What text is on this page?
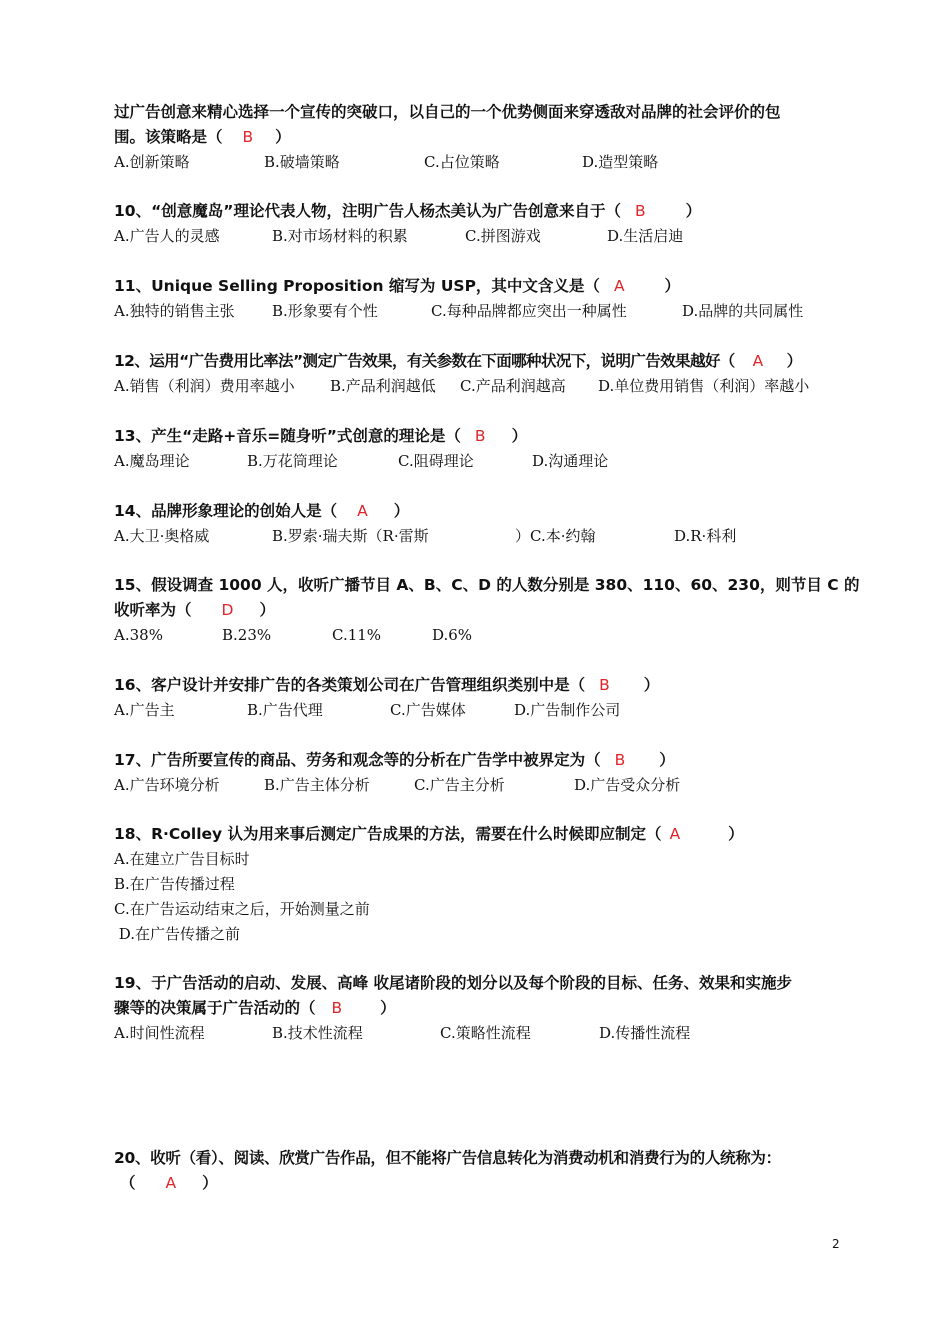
过广告创意来精心选择一个宣传的突破口，以自己的一个优势侧面来穿透敌对品牌的社会评价的包
围。该策略是（ B ）
A.创新策略	B.破墙策略	C.占位策略	D.造型策略
10、“创意魔岛”理论代表人物，注明广告人杨杰美认为广告创意来自于（ B	）
A.广告人的灵感	B.对市场材料的积累	C.拼图游戏	D.生活启迪
11、Unique Selling Proposition 缩写为 USP，其中文含义是（ A	）
A.独特的销售主张 B.形象要有个性	C.每种品牌都应突出一种属性	D.品牌的共同属性
12、运用“广告费用比率法”测定广告效果，有关参数在下面哪种状况下，说明广告效果越好（ A ）
A.销售（利润）费用率越小 B.产品利润越低 C.产品利润越高 D.单位费用销售（利润）率越小
13、产生“走路+音乐=随身听”式创意的理论是（ B ）
A.魔岛理论	B.万花筒理论	C.阻碍理论	D.沟通理论
14、品牌形象理论的创始人是（ A ）
A.大卫·奥格威	B.罗索·瑞夫斯（R·雷斯	）C.本·约翰	D.R·科利
15、假设调查 1000 人，收听广播节目 A、B、C、D 的人数分别是 380、110、60、230，则节目 C 的
收听率为（ D ）
A.38%	B.23%	C.11%	D.6%
16、客户设计并安排广告的各类策划公司在广告管理组织类别中是（ B ）
A.广告主	B.广告代理	C.广告媒体	D.广告制作公司
17、广告所要宣传的商品、劳务和观念等的分析在广告学中被界定为（ B ）
A.广告环境分析	B.广告主体分析	C.广告主分析	D.广告受众分析
18、R·Colley 认为用来事后测定广告成果的方法，需要在什么时候即应制定（ A	）
A.在建立广告目标时
B.在广告传播过程
C.在广告运动结束之后，开始测量之前
D.在广告传播之前
19、于广告活动的启动、发展、高峰 收尾诸阶段的划分以及每个阶段的目标、任务、效果和实施步
骤等的决策属于广告活动的（ B ）
A.时间性流程	B.技术性流程	C.策略性流程	D.传播性流程
20、收听（看）、阅读、欣赏广告作品，但不能将广告信息转化为消费动机和消费行为的人统称为：
（ A ）
2
